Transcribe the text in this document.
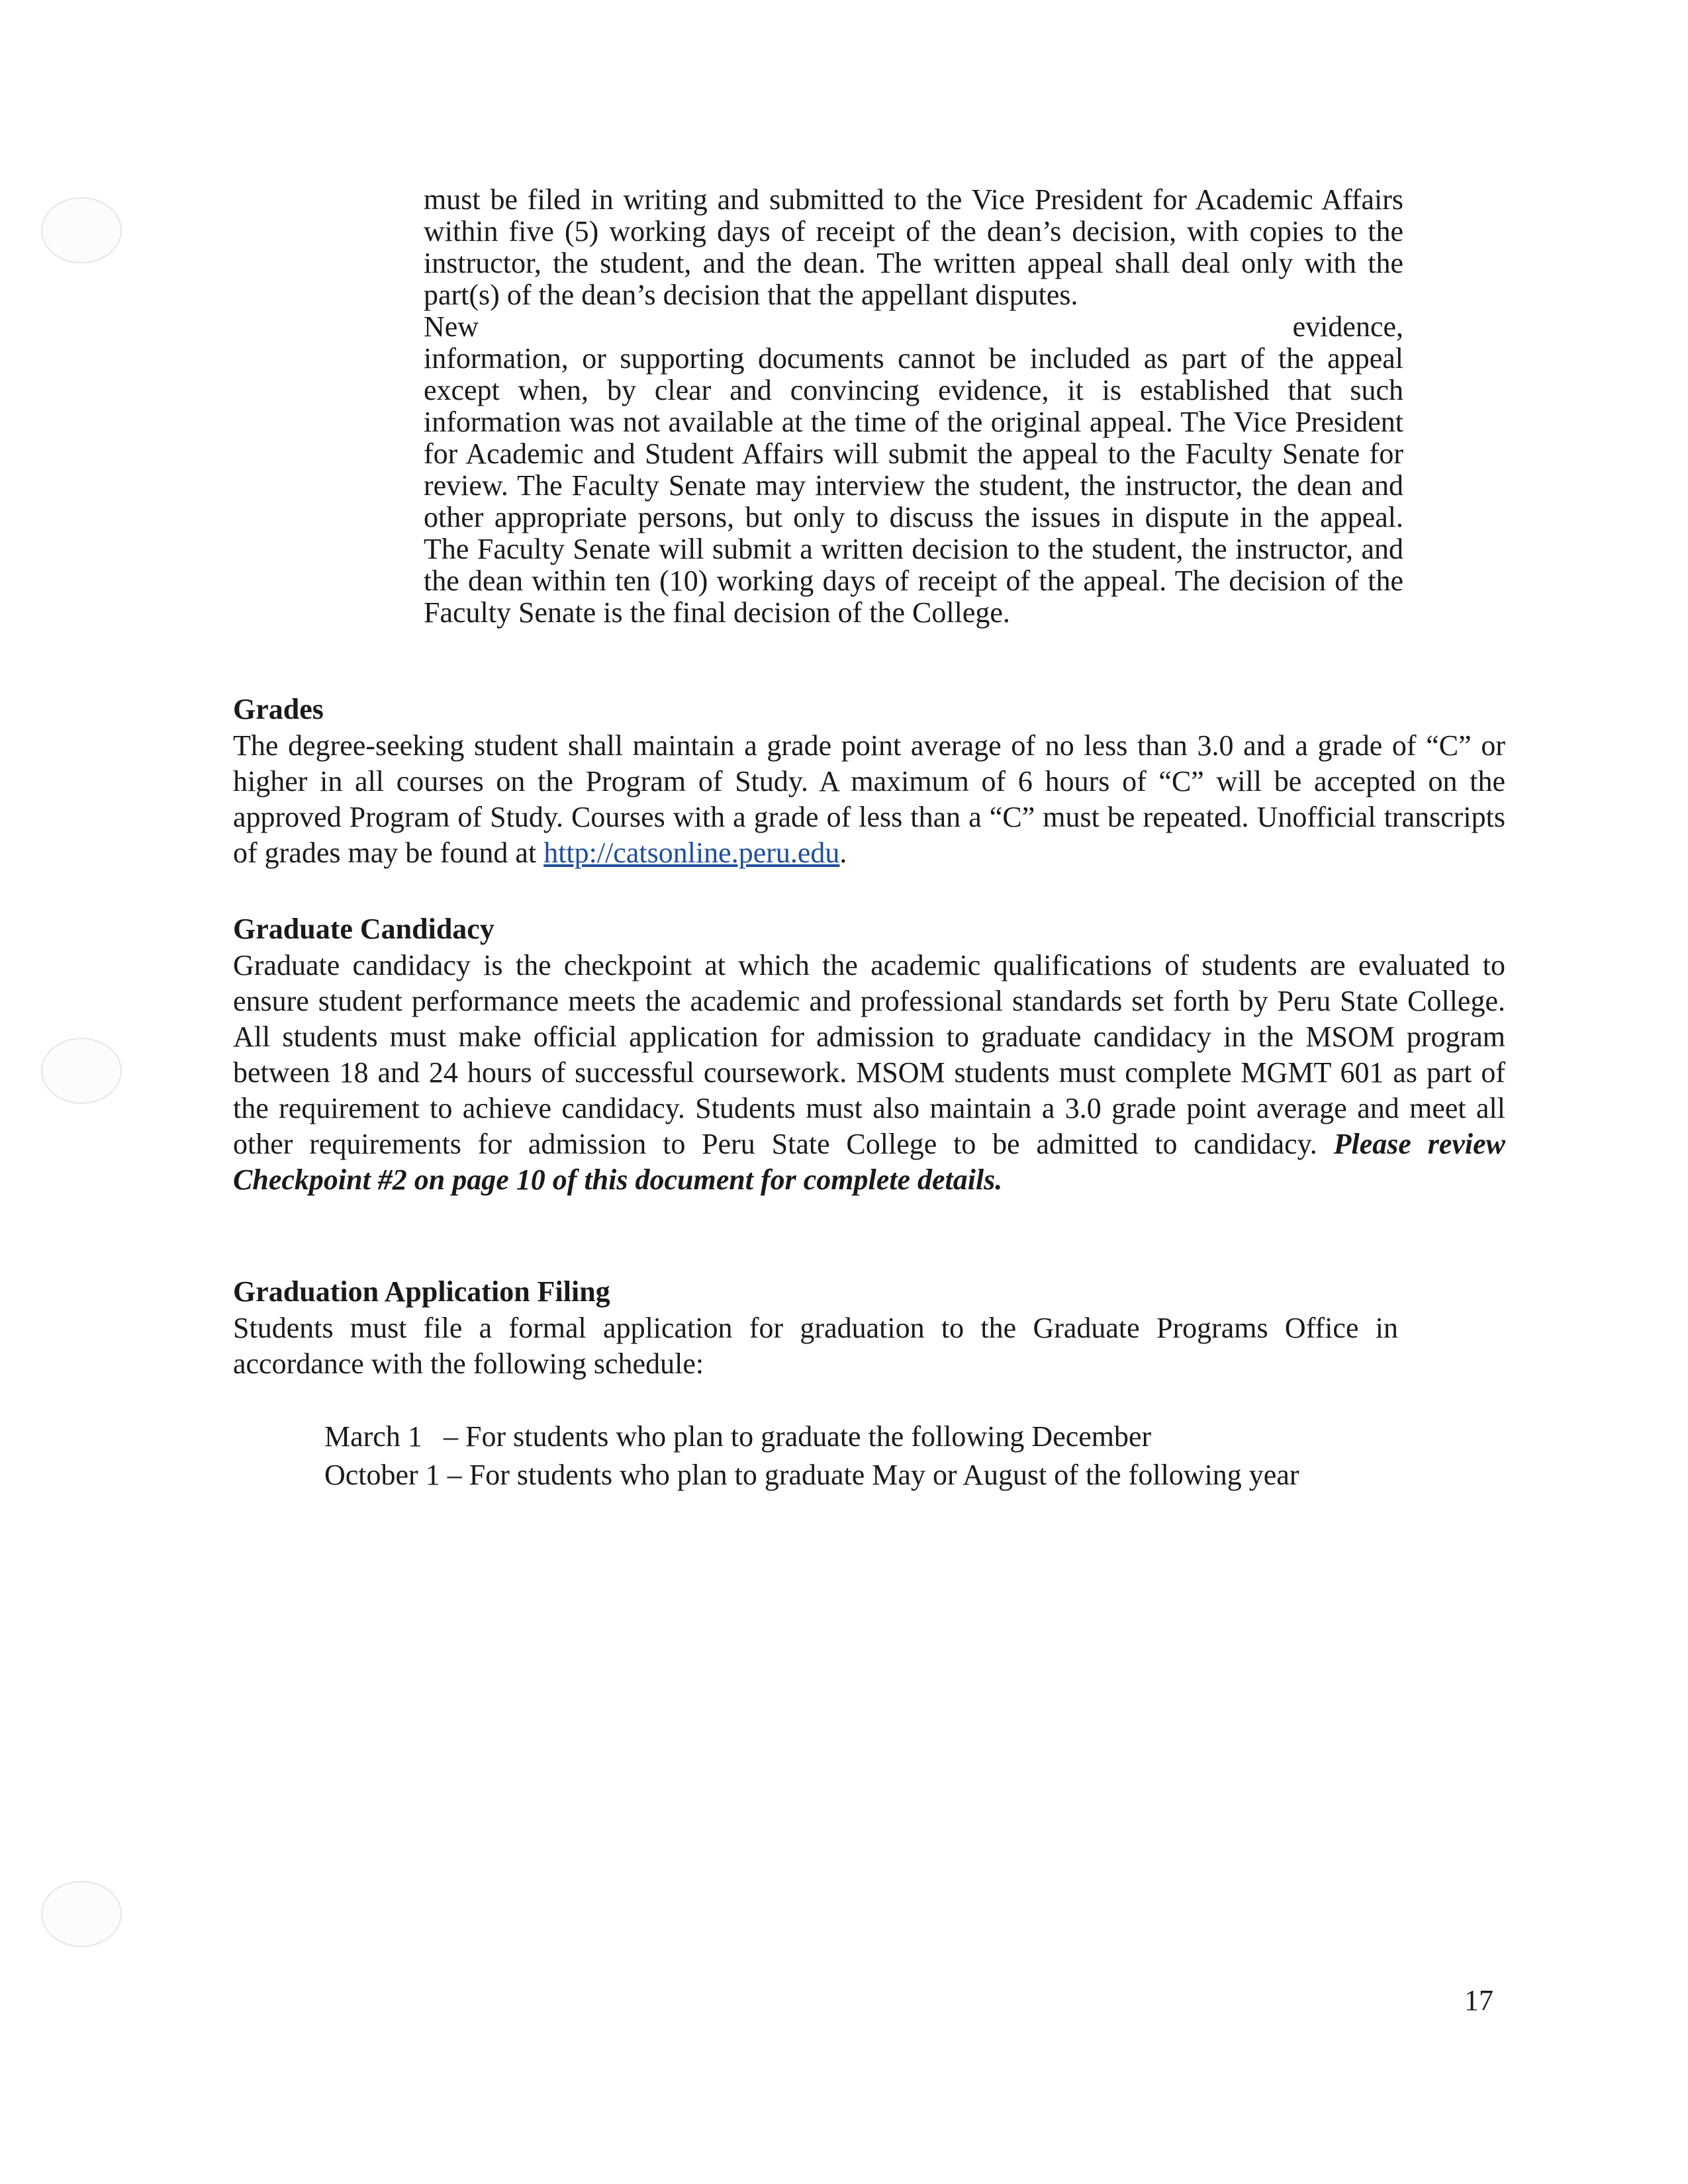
must be filed in writing and submitted to the Vice President for Academic Affairs within five (5) working days of receipt of the dean’s decision, with copies to the instructor, the student, and the dean. The written appeal shall deal only with the part(s) of the dean’s decision that the appellant disputes.

New	evidence,

information, or supporting documents cannot be included as part of the appeal except when, by clear and convincing evidence, it is established that such information was not available at the time of the original appeal. The Vice President for Academic and Student Affairs will submit the appeal to the Faculty Senate for review. The Faculty Senate may interview the student, the instructor, the dean and other appropriate persons, but only to discuss the issues in dispute in the appeal. The Faculty Senate will submit a written decision to the student, the instructor, and the dean within ten (10) working days of receipt of the appeal. The decision of the Faculty Senate is the final decision of the College.

Grades

The degree-seeking student shall maintain a grade point average of no less than 3.0 and a grade of “C” or higher in all courses on the Program of Study. A maximum of 6 hours of “C” will be accepted on the approved Program of Study. Courses with a grade of less than a “C” must be repeated. Unofficial transcripts of grades may be found at http://catsonline.peru.edu.

Graduate Candidacy

Graduate candidacy is the checkpoint at which the academic qualifications of students are evaluated to ensure student performance meets the academic and professional standards set forth by Peru State College. All students must make official application for admission to graduate candidacy in the MSOM program between 18 and 24 hours of successful coursework. MSOM students must complete MGMT 601 as part of the requirement to achieve candidacy. Students must also maintain a 3.0 grade point average and meet all other requirements for admission to Peru State College to be admitted to candidacy. Please review Checkpoint #2 on page 10 of this document for complete details.

Graduation Application Filing

Students must file a formal application for graduation to the Graduate Programs Office in accordance with the following schedule:

March 1 – For students who plan to graduate the following December
October 1 – For students who plan to graduate May or August of the following year
17
